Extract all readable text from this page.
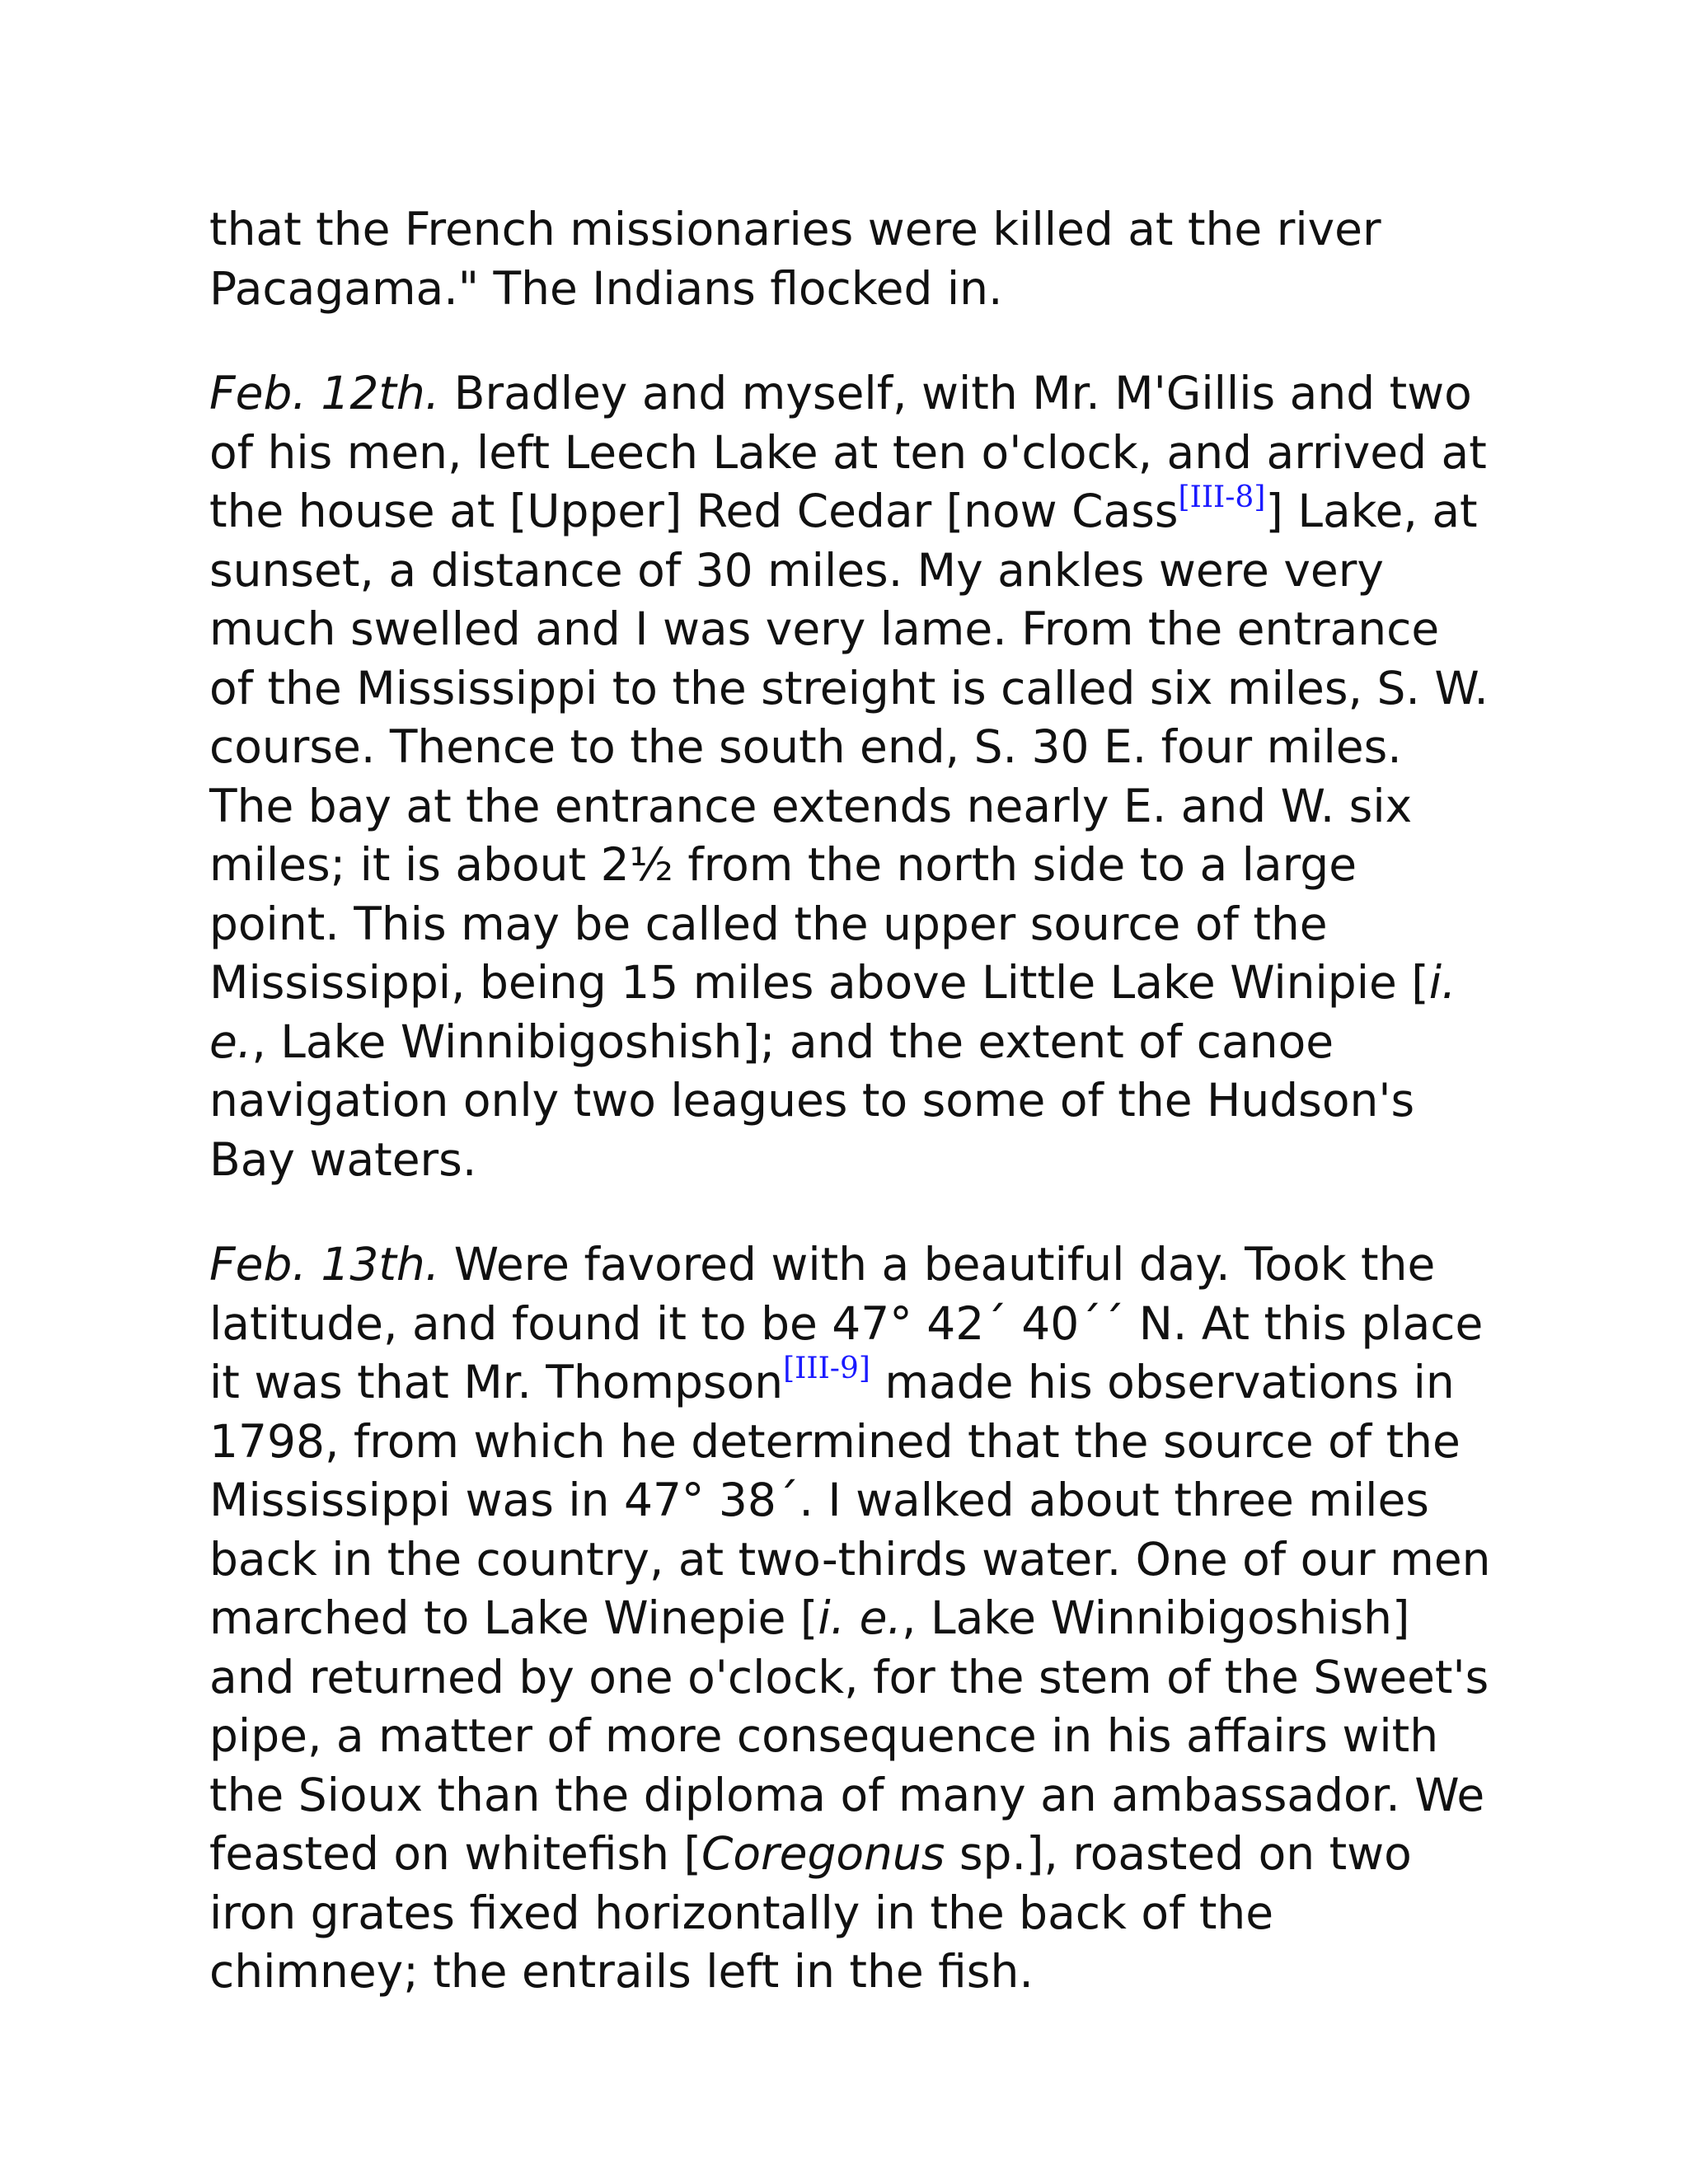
that the French missionaries were killed at the river Pacagama." The Indians flocked in.

Feb. 12th. Bradley and myself, with Mr. M'Gillis and two of his men, left Leech Lake at ten o'clock, and arrived at the house at [Upper] Red Cedar [now Cass[III-8]] Lake, at sunset, a distance of 30 miles. My ankles were very much swelled and I was very lame. From the entrance of the Mississippi to the streight is called six miles, S. W. course. Thence to the south end, S. 30 E. four miles. The bay at the entrance extends nearly E. and W. six miles; it is about 2½ from the north side to a large point. This may be called the upper source of the Mississippi, being 15 miles above Little Lake Winipie [i. e., Lake Winnibigoshish]; and the extent of canoe navigation only two leagues to some of the Hudson's Bay waters.

Feb. 13th. Were favored with a beautiful day. Took the latitude, and found it to be 47° 42´ 40´´ N. At this place it was that Mr. Thompson[III-9] made his observations in 1798, from which he determined that the source of the Mississippi was in 47° 38´. I walked about three miles back in the country, at two-thirds water. One of our men marched to Lake Winepie [i. e., Lake Winnibigoshish] and returned by one o'clock, for the stem of the Sweet's pipe, a matter of more consequence in his affairs with the Sioux than the diploma of many an ambassador. We feasted on whitefish [Coregonus sp.], roasted on two iron grates fixed horizontally in the back of the chimney; the entrails left in the fish.
